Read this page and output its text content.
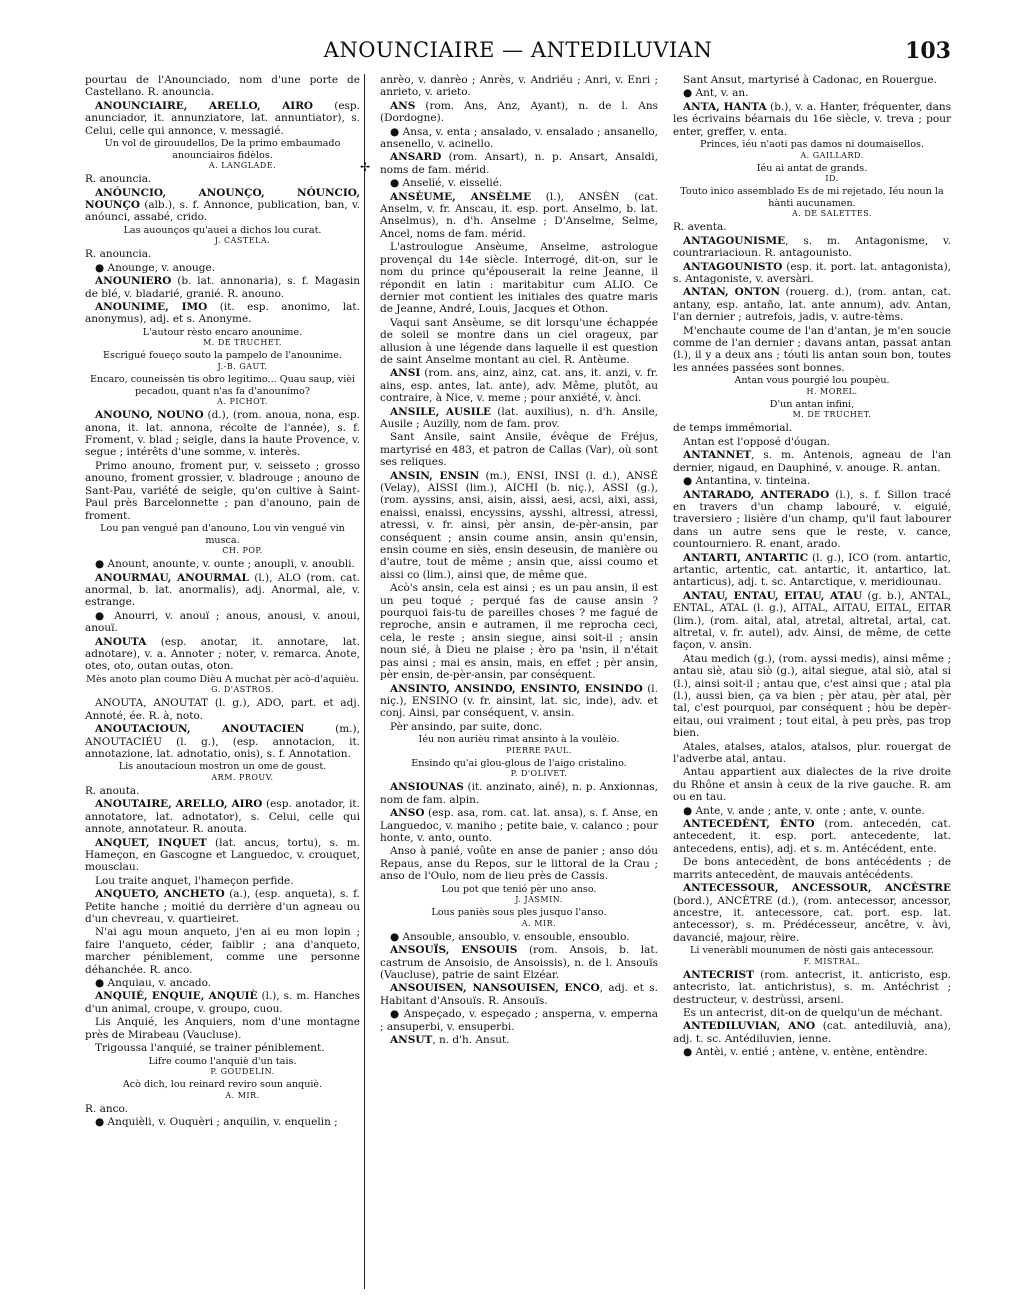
ANOUNCIAIRE — ANTEDILUVIAN	103
✢

pourtau de l'Anounciado, nom d'une porte de Castellano. R. anouncia.

ANOUNCIAIRE, ARELLO, AIRO (esp. anunciador, it. annunziatore, lat. annuntiator), s. Celui, celle qui annonce, v. messagié.

Un vol de girouudellos, De la primo embaumado anounciairos fidèlos.

A. LANGLADE.

R. anouncia.

ANÓUNCIO, ANOUNÇO, NÓUNCIO, NOUNÇO (alb.), s. f. Annonce, publication, ban, v. anóunci, assabé, crido.

Las auounços qu'auei a dichos lou curat.

J. CASTELA.

R. anouncia.

● Anounge, v. anouge.

ANOUNIERO (b. lat. annonaria), s. f. Magasin de blé, v. bladarié, granié. R. anouno.

ANOUNIME, IMO (it. esp. anonimo, lat. anonymus), adj. et s. Anonyme.

L'autour rèsto encaro anounime.

M. DE TRUCHET.

Escrigué foueço souto la pampelo de l'anounime.

J.-B. GAUT.

Encaro, couneissèn tis obro legitimo... Quau saup, vièi pecadou, quant n'as fa d'anounimo?

A. PICHOT.

ANOUNO, NOUNO (d.), (rom. anoua, nona, esp. anona, it. lat. annona, récolte de l'année), s. f. Froment, v. blad ; seigle, dans la haute Provence, v. segue ; intérêts d'une somme, v. interès.

Primo anouno, froment pur, v. seisseto ; grosso anouno, froment grossier, v. bladrouge ; anouno de Sant-Pau, variété de seigle, qu'on cultive à Saint-Paul près Barcelonnette ; pan d'anouno, pain de froment.

Lou pan vengué pan d'anouno, Lou vin vengué vin musca.

CH. POP.

● Anount, anounte, v. ounte ; anoupli, v. anoubli.

ANOURMAU, ANOURMAL (l.), ALO (rom. cat. anormal, b. lat. anormalis), adj. Anormal, ale, v. estrange.

● Anourri, v. anouï ; anous, anousi, v. anoui, anouï.

ANOUTA (esp. anotar, it. annotare, lat. adnotare), v. a. Annoter ; noter, v. remarca. Anote, otes, oto, outan outas, oton.

Mès anoto plan coumo Dièu A muchat pèr acò-d'aquièu.

G. D'ASTROS.

ANOUTA, ANOUTAT (l. g.), ADO, part. et adj. Annoté, ée. R. à, noto.

ANOUTACIOUN, ANOUTACIEN (m.), ANOUTACIÉU (l. g.), (esp. annotacion, it. annotazione, lat. adnotatio, onis), s. f. Annotation.

Lis anoutacioun mostron un ome de goust.

ARM. PROUV.

R. anouta.

ANOUTAIRE, ARELLO, AIRO (esp. anotador, it. annotatore, lat. adnotator), s. Celui, celle qui annote, annotateur. R. anouta.

ANQUET, INQUET (lat. ancus, tortu), s. m. Hameçon, en Gascogne et Languedoc, v. crouquet, mousclau.

Lou traite anquet, l'hameçon perfide.

ANQUETO, ANCHETO (a.), (esp. anqueta), s. f. Petite hanche ; moitié du derrière d'un agneau ou d'un chevreau, v. quartieiret.

N'ai agu moun anqueto, j'en ai eu mon lopin ; faire l'anqueto, céder, faiblir ; ana d'anqueto, marcher péniblement, comme une personne déhanchée. R. anco.

● Anquiau, v. ancado.

ANQUIÉ, ENQUIE, ANQUIÈ (l.), s. m. Hanches d'un animal, croupe, v. groupo, cuou.

Lis Anquié, les Anquiers, nom d'une montagne près de Mirabeau (Vaucluse).

Trigoussa l'anquié, se trainer péniblement.

Lifre coumo l'anquiè d'un tais.

P. GOUDELIN.

Acò dich, lou reinard reviro soun anquiè.

A. MIR.

R. anco.

● Anquièli, v. Ouquèri ; anquilin, v. enquelin ;

anrèo, v. danrèo ; Anrès, v. Andriéu ; Anri, v. Enri ; anrieto, v. arieto.

ANS (rom. Ans, Anz, Ayant), n. de l. Ans (Dordogne).

● Ansa, v. enta ; ansalado, v. ensalado ; ansanello, ansenello, v. acinello.

ANSARD (rom. Ansart), n. p. Ansart, Ansaldi, noms de fam. mérid.

● Anselié, v. eisselié.

ANSÈUME, ANSÈLME (l.), ANSÈN (cat. Anselm, v. fr. Anscau, it. esp. port. Anselmo, b. lat. Anselmus), n. d'h. Anselme ; D'Anselme, Selme, Ancel, noms de fam. mérid.

L'astroulogue Ansèume, Anselme, astrologue provençal du 14e siècle. Interrogé, dit-on, sur le nom du prince qu'épouserait la reine Jeanne, il répondit en latin : maritabitur cum ALIO. Ce dernier mot contient les initiales des quatre maris de Jeanne, André, Louis, Jacques et Othon.

Vaqui sant Ansèume, se dit lorsqu'une échappée de soleil se montre dans un ciel orageux, par allusion à une légende dans laquelle il est question de saint Anselme montant au ciel. R. Antèume.

ANSI (rom. ans, ainz, ainz, cat. ans, it. anzi, v. fr. ains, esp. antes, lat. ante), adv. Même, plutôt, au contraire, à Nice, v. meme ; pour anxiété, v. ànci.

ANSILE, AUSILE (lat. auxilius), n. d'h. Ansile, Ausile ; Auzilly, nom de fam. prov.

Sant Ansile, saint Ansile, évêque de Fréjus, martyrisé en 483, et patron de Callas (Var), où sont ses reliques.

ANSIN, ENSIN (m.), ENSI, INSI (l. d.), ANSÉ (Velay), AISSI (lim.), AICHI (b. niç.), ASSI (g.), (rom. ayssins, ansi, aisin, aissi, aesi, acsi, aixi, assi, enaissi, enaissi, encyssins, aysshi, altressi, atressi, atressi, v. fr. ainsi, pèr ansin, de-pèr-ansin, par conséquent ; ansin coume ansin, ansin qu'ensin, ensin coume en siès, ensin deseusin, de manière ou d'autre, tout de même ; ansin que, aissi coumo et aissi co (lim.), ainsi que, de même que.

Acò's ansin, cela est ainsi ; es un pau ansin, il est un peu toqué ; perqué fas de cause ansin ? pourquoi fais-tu de pareilles choses ? me fagué de reproche, ansin e autramen, il me reprocha ceci, cela, le reste ; ansin siegue, ainsi soit-il ; ansin noun sié, à Dieu ne plaise ; èro pa 'nsin, il n'était pas ainsi ; mai es ansin, mais, en effet ; pèr ansin, pèr ensin, de-pèr-ansin, par conséquent.

ANSINTO, ANSINDO, ENSINTO, ENSINDO (l. niç.), ENSINO (v. fr. ainsint, lat. sic, inde), adv. et conj. Ainsi, par conséquent, v. ansin.

Pèr ansindo, par suite, donc.

Iéu non aurièu rimat ansinto à la voulèio.

PIERRE PAUL.

Ensindo qu'ai glou-glous de l'aigo cristalino.

P. D'OLIVET.

ANSIOUNAS (it. anzinato, ainé), n. p. Anxionnas, nom de fam. alpin.

ANSO (esp. asa, rom. cat. lat. ansa), s. f. Anse, en Languedoc, v. maniho ; petite baie, v. calanco ; pour honte, v. anto, ounto.

Anso à panié, voûte en anse de panier ; anso dóu Repaus, anse du Repos, sur le littoral de la Crau ; anso de l'Oulo, nom de lieu près de Cassis.

Lou pot que tenió pèr uno anso.

J. JASMIN.

Lous paniès sous ples jusquo l'anso.

A. MIR.

● Ansouble, ansoublo, v. ensouble, ensoublo.

ANSOUÏS, ENSOUIS (rom. Ansois, b. lat. castrum de Ansoisio, de Ansoissis), n. de l. Ansouïs (Vaucluse), patrie de saint Elzéar.

ANSOUISEN, NANSOUISEN, ENCO, adj. et s. Habitant d'Ansouïs. R. Ansouïs.

● Anspeçado, v. espeçado ; ansperna, v. emperna ; ansuperbi, v. ensuperbi.

ANSUT, n. d'h. Ansut.

Sant Ansut, martyrisé à Cadonac, en Rouergue.

● Ant, v. an.

ANTA, HANTA (b.), v. a. Hanter, fréquenter, dans les écrivains béarnais du 16e siècle, v. treva ; pour enter, greffer, v. enta.

Princes, iéu n'aoti pas damos ni doumaisellos.

A. GAILLARD.

Iéu ai antat de grands.

ID.

Touto inico assemblado Es de mi rejetado, Iéu noun la hànti aucunamen.

A. DE SALETTES.

R. aventa.

ANTAGOUNISME, s. m. Antagonisme, v. countrariacioun. R. antagounisto.

ANTAGOUNISTO (esp. it. port. lat. antagonista), s. Antagoniste, v. aversàri.

ANTAN, ONTON (rouerg. d.), (rom. antan, cat. antany, esp. antaño, lat. ante annum), adv. Antan, l'an dernier ; autrefois, jadis, v. autre-tèms.

M'enchaute coume de l'an d'antan, je m'en soucie comme de l'an dernier ; davans antan, passat antan (l.), il y a deux ans ; tóuti lis antan soun bon, toutes les années passées sont bonnes.

Antan vous pourgié lou poupèu.

H. MOREL.

D'un antan infini,

M. DE TRUCHET.

de temps immémorial.

Antan est l'opposé d'óugan.

ANTANNET, s. m. Antenois, agneau de l'an dernier, nigaud, en Dauphiné, v. anouge. R. antan.

● Antantina, v. tinteina.

ANTARADO, ANTERADO (l.), s. f. Sillon tracé en travers d'un champ labouré, v. eiguié, traversiero ; lisière d'un champ, qu'il faut labourer dans un autre sens que le reste, v. cance, countourniero. R. enant, arado.

ANTARTI, ANTARTIC (l. g.), ICO (rom. antartic, artantic, artentic, cat. antartic, it. antartico, lat. antarticus), adj. t. sc. Antarctique, v. meridiounau.

ANTAU, ENTAU, EITAU, ATAU (g. b.), ANTAL, ENTAL, ATAL (l. g.), AITAL, AITAU, EITAL, EITAR (lim.), (rom. aital, atal, atretal, altretal, artal, cat. altretal, v. fr. autel), adv. Ainsi, de même, de cette façon, v. ansin.

Atau medich (g.), (rom. ayssi medis), ainsi même ; antau siè, atau siò (g.), aital siegue, atal siò, atal si (l.), ainsi soit-il ; antau que, c'est ainsi que ; atal pla (l.), aussi bien, ça va bien ; pèr atau, pèr atal, pèr tal, c'est pourquoi, par conséquent ; hòu be depèr-eitau, oui vraiment ; tout eital, à peu près, pas trop bien.

Atales, atalses, atalos, atalsos, plur. rouergat de l'adverbe atal, antau.

Antau appartient aux dialectes de la rive droite du Rhône et ansin à ceux de la rive gauche. R. am ou en tau.

● Ante, v. ande ; ante, v. onte ; ante, v. ounte.

ANTECEDÈNT, ÈNTO (rom. antecedén, cat. antecedent, it. esp. port. antecedente, lat. antecedens, entis), adj. et s. m. Antécédent, ente.

De bons antecedènt, de bons antécédents ; de marrits antecedènt, de mauvais antécédents.

ANTECESSOUR, ANCESSOUR, ANCÈSTRE (bord.), ANCÈTRE (d.), (rom. antecessor, ancessor, ancestre, it. antecessore, cat. port. esp. lat. antecessor), s. m. Prédécesseur, ancêtre, v. àvi, davancié, majour, rèire.

Li veneràbli mounumen de nòsti gais antecessour.

F. MISTRAL.

ANTECRIST (rom. antecrist, it. anticristo, esp. antecristo, lat. antichristus), s. m. Antéchrist ; destructeur, v. destrùssi, arseni.

Es un antecrist, dit-on de quelqu'un de méchant.

ANTEDILUVIAN, ANO (cat. antediluvià, ana), adj. t. sc. Antédiluvien, ienne.

● Antèi, v. entié ; antène, v. entène, entèndre.
